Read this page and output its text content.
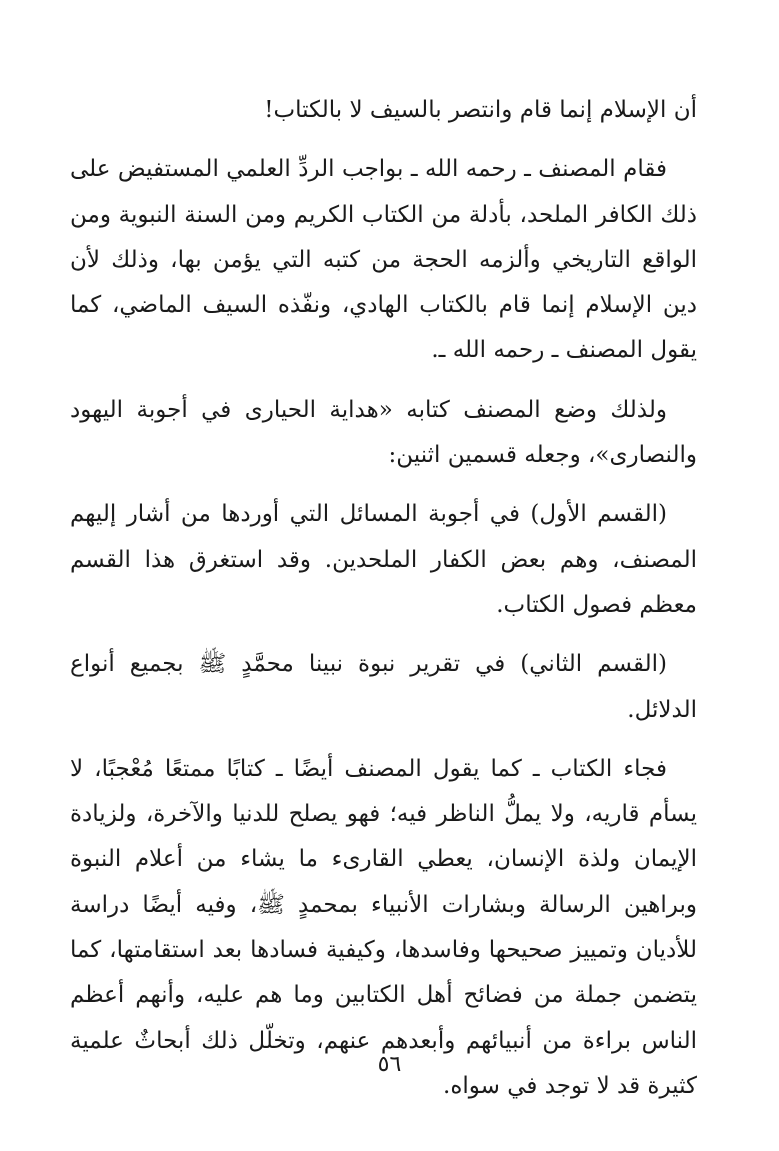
أن الإسلام إنما قام وانتصر بالسيف لا بالكتاب!

فقام المصنف ـ رحمه الله ـ بواجب الردِّ العلمي المستفيض على ذلك الكافر الملحد، بأدلة من الكتاب الكريم ومن السنة النبوية ومن الواقع التاريخي وألزمه الحجة من كتبه التي يؤمن بها، وذلك لأن دين الإسلام إنما قام بالكتاب الهادي، ونفّذه السيف الماضي، كما يقول المصنف ـ رحمه الله ـ.

ولذلك وضع المصنف كتابه «هداية الحيارى في أجوبة اليهود والنصارى»، وجعله قسمين اثنين:

(القسم الأول) في أجوبة المسائل التي أوردها من أشار إليهم المصنف، وهم بعض الكفار الملحدين. وقد استغرق هذا القسم معظم فصول الكتاب.

(القسم الثاني) في تقرير نبوة نبينا محمَّدٍ ﷺ بجميع أنواع الدلائل.

فجاء الكتاب ـ كما يقول المصنف أيضًا ـ كتابًا ممتعًا مُعْجبًا، لا يسأم قاريه، ولا يملُّ الناظر فيه؛ فهو يصلح للدنيا والآخرة، ولزيادة الإيمان ولذة الإنسان، يعطي القارىء ما يشاء من أعلام النبوة وبراهين الرسالة وبشارات الأنبياء بمحمدٍ ﷺ، وفيه أيضًا دراسة للأديان وتمييز صحيحها وفاسدها، وكيفية فسادها بعد استقامتها، كما يتضمن جملة من فضائح أهل الكتابين وما هم عليه، وأنهم أعظم الناس براءة من أنبيائهم وأبعدهم عنهم، وتخلّل ذلك أبحاثٌ علمية كثيرة قد لا توجد في سواه.

٥٦
